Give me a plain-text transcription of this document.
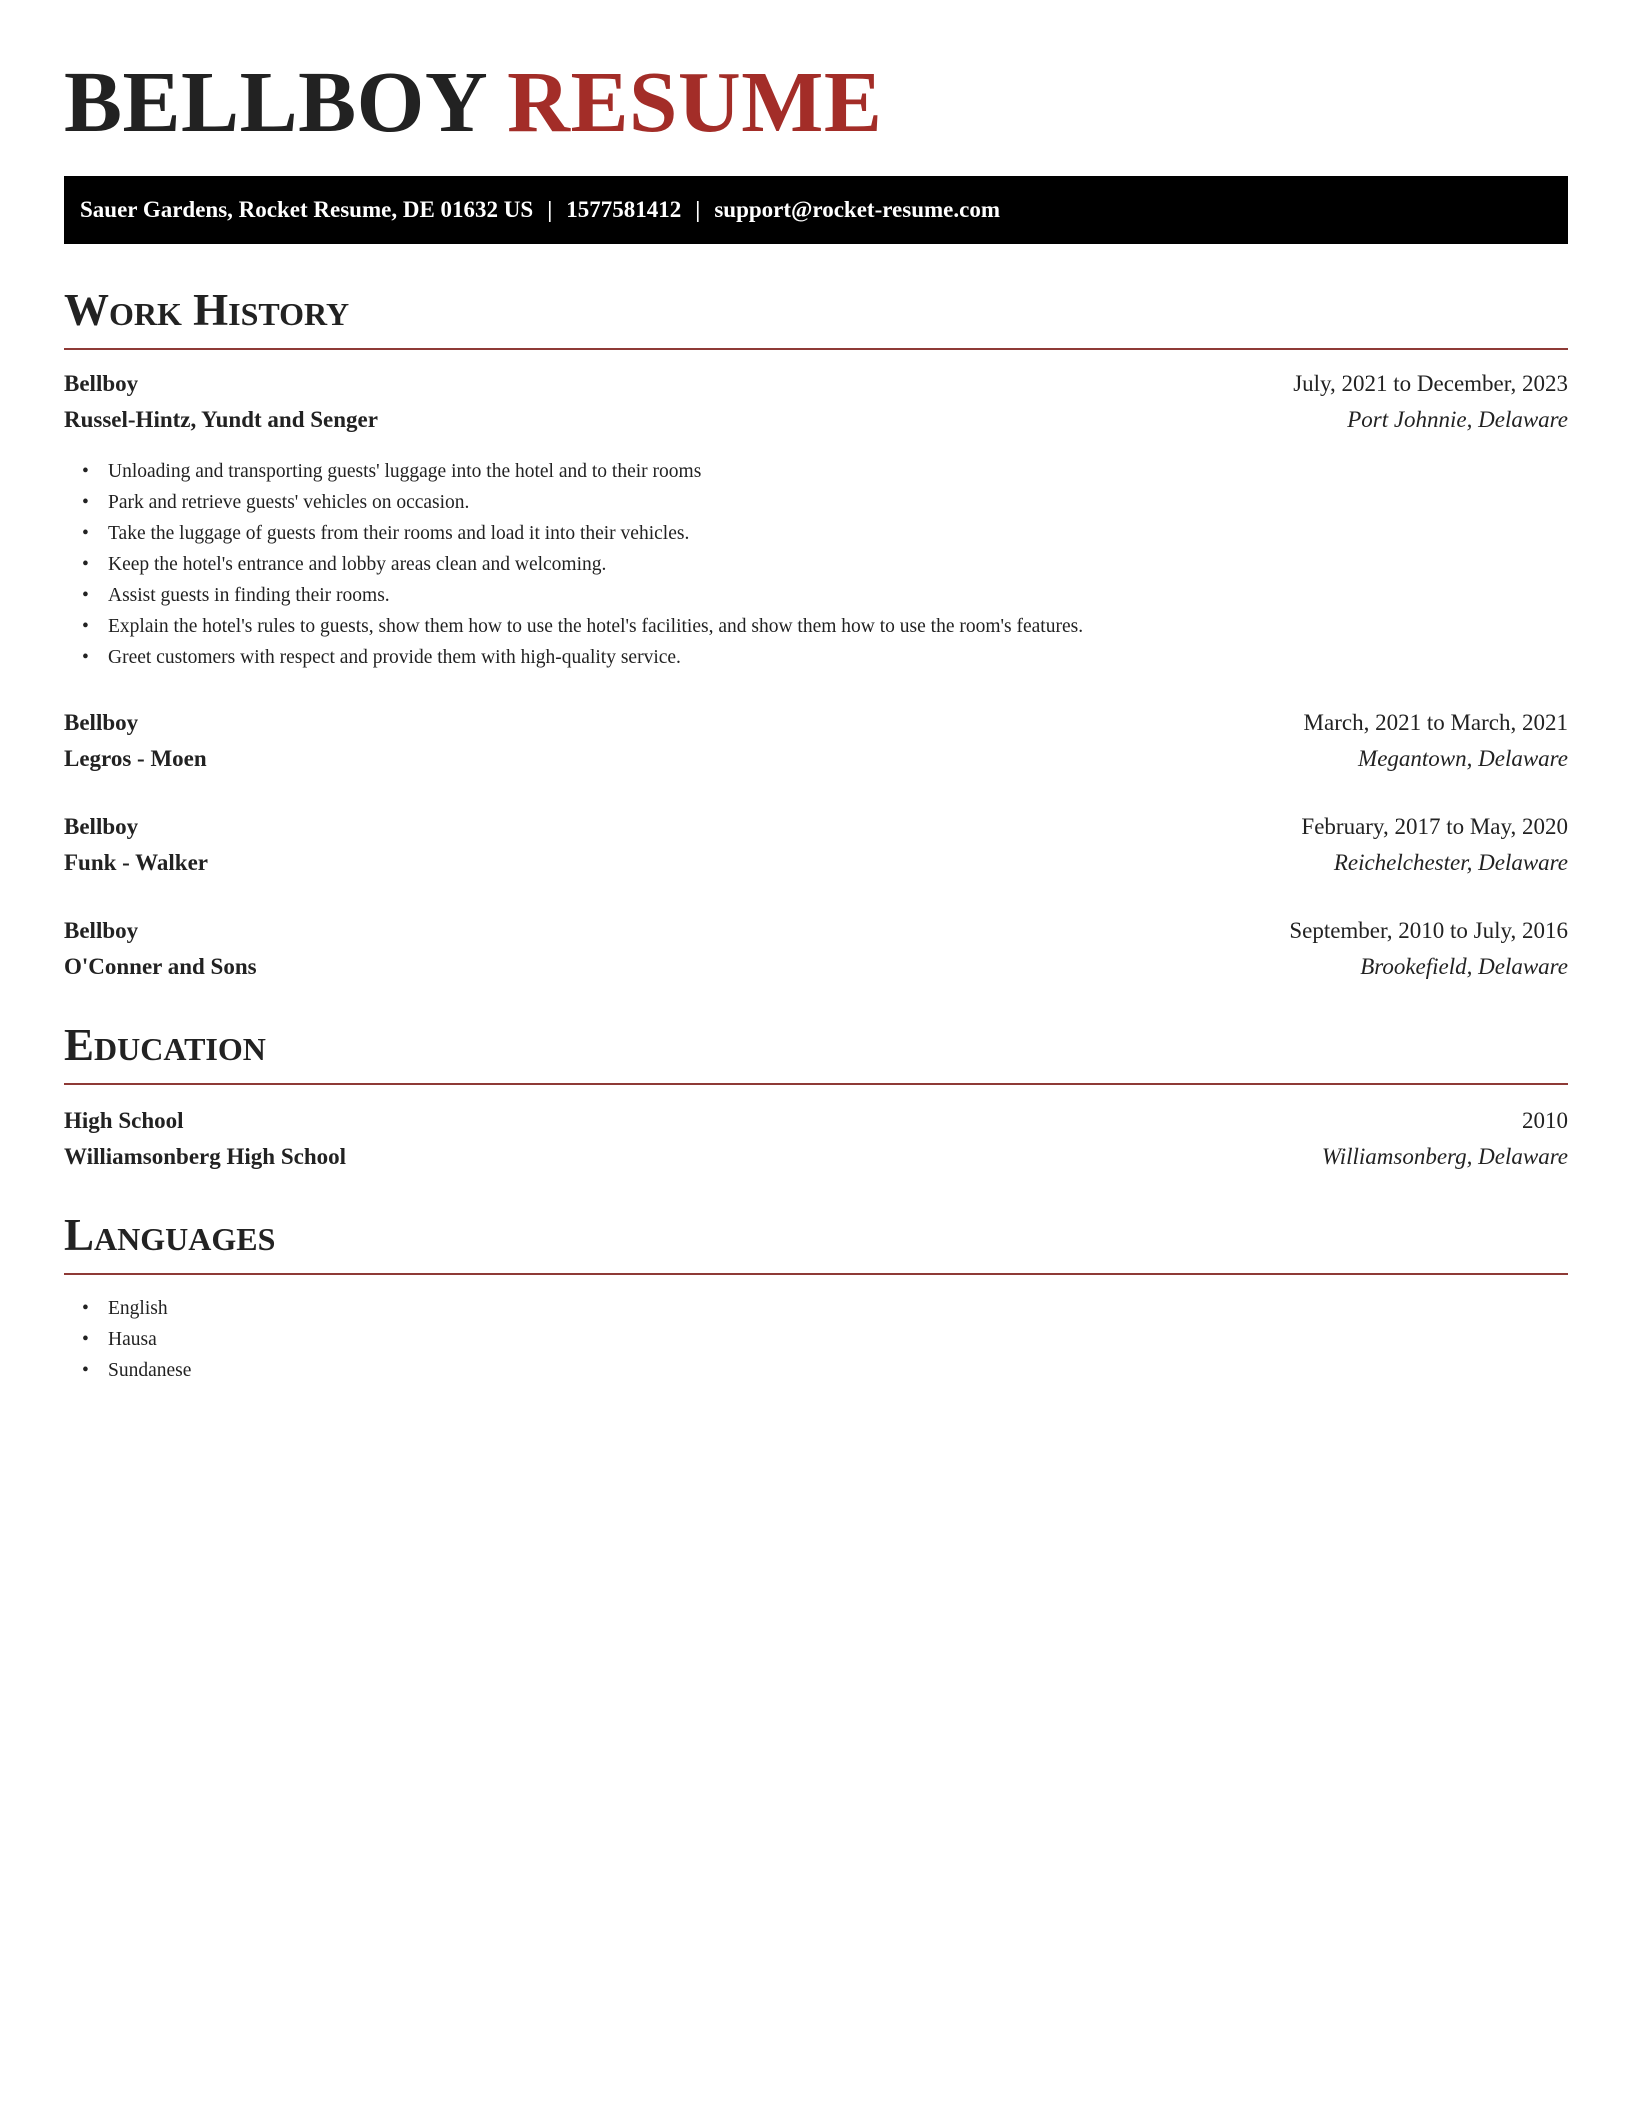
BELLBOY RESUME
Sauer Gardens, Rocket Resume, DE 01632 US | 1577581412 | support@rocket-resume.com
Work History
Bellboy	July, 2021 to December, 2023
Russel-Hintz, Yundt and Senger	Port Johnnie, Delaware
• Unloading and transporting guests' luggage into the hotel and to their rooms
• Park and retrieve guests' vehicles on occasion.
• Take the luggage of guests from their rooms and load it into their vehicles.
• Keep the hotel's entrance and lobby areas clean and welcoming.
• Assist guests in finding their rooms.
• Explain the hotel's rules to guests, show them how to use the hotel's facilities, and show them how to use the room's features.
• Greet customers with respect and provide them with high-quality service.
Bellboy	March, 2021 to March, 2021
Legros - Moen	Megantown, Delaware
Bellboy	February, 2017 to May, 2020
Funk - Walker	Reichelchester, Delaware
Bellboy	September, 2010 to July, 2016
O'Conner and Sons	Brookefield, Delaware
Education
High School	2010
Williamsonberg High School	Williamsonberg, Delaware
Languages
• English
• Hausa
• Sundanese
